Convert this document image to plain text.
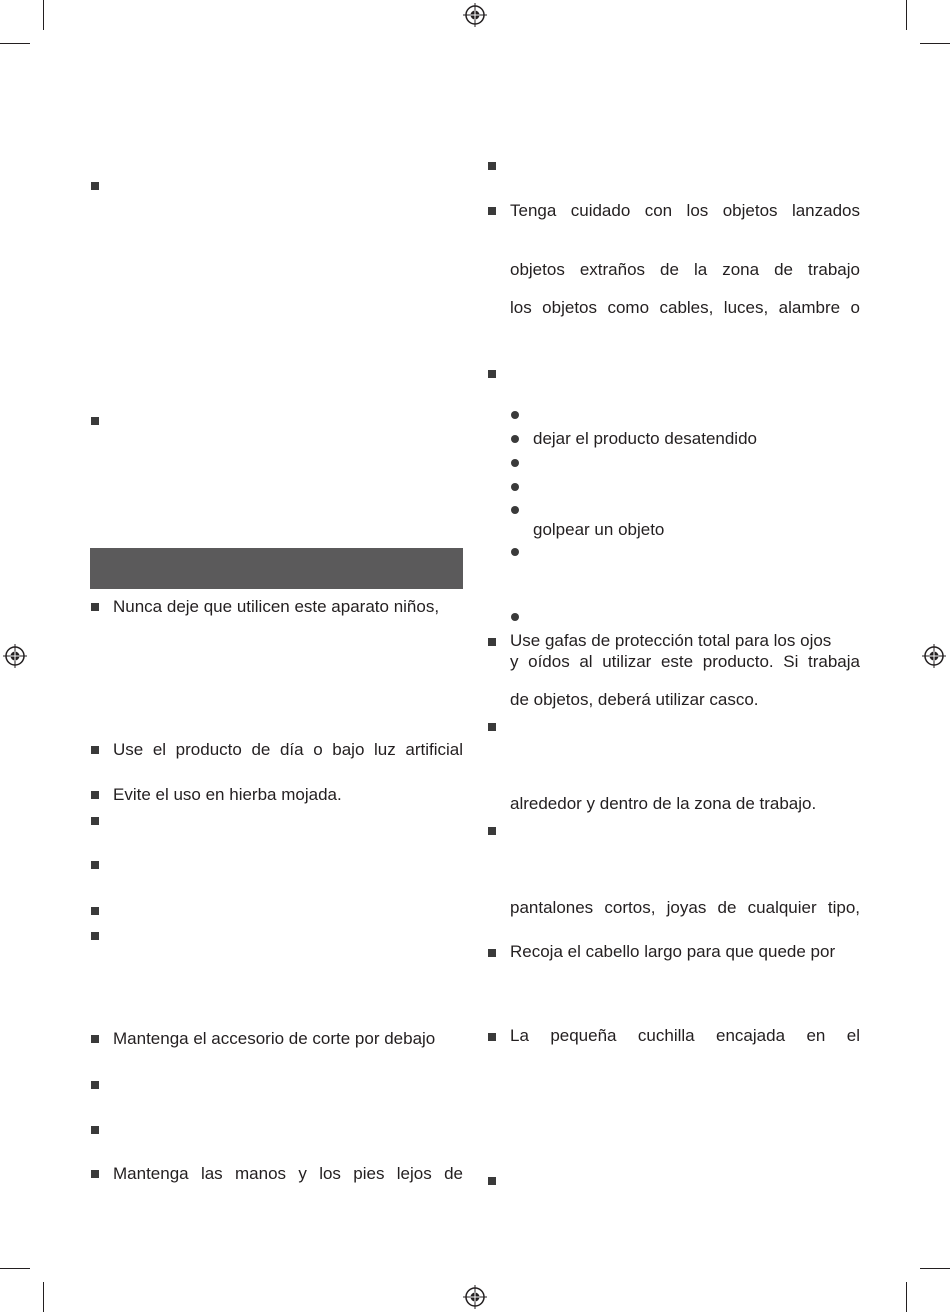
Nunca deje que utilicen este aparato niños,
Use el producto de día o bajo luz artificial
Evite el uso en hierba mojada.
Mantenga el accesorio de corte por debajo
Mantenga las manos y los pies lejos de
Tenga cuidado con los objetos lanzados
objetos extraños de la zona de trabajo
los objetos como cables, luces, alambre o
dejar el producto desatendido
golpear un objeto
Use gafas de protección total para los ojos
y oídos al utilizar este producto. Si trabaja
de objetos, deberá utilizar casco.
alrededor y dentro de la zona de trabajo.
pantalones cortos, joyas de cualquier tipo,
Recoja el cabello largo para que quede por
La pequeña cuchilla encajada en el
